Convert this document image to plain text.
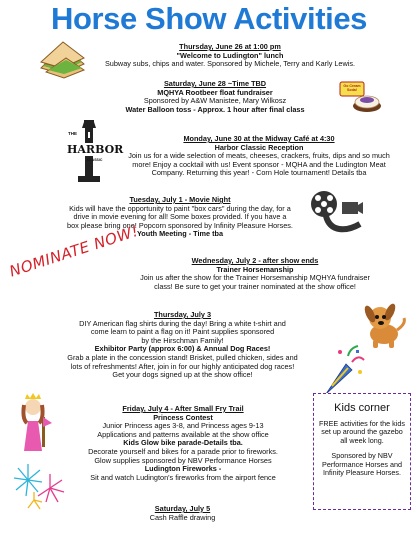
Horse Show Activities
Thursday, June 26 at 1:00 pm
"Welcome to Ludington" lunch
Subway subs, chips and water. Sponsored by Michele, Terry and Karly Lewis.
Saturday, June 28 ~Time TBD
MQHYA Rootbeer float fundraiser
Sponsored by A&W Manistee, Mary Wilkosz
Water Balloon toss - Approx. 1 hour after final class
Monday, June 30 at the Midway Café at 4:30
Harbor Classic Reception
Join us for a wide selection of meats, cheeses, crackers, fruits, dips and so much
more! Enjoy a cocktail with us! Event sponsor - MQHA and the Ludington Meat
Company. Returning this year! - Corn Hole tournament! Details tba
Tuesday, July 1 - Movie Night
Kids will have the opportunity to paint "box cars" during the day, for a
drive in movie evening for all! Some boxes provided. If you have a
box please bring one! Popcorn sponsored by Infinity Pleasure Horses.
Youth Meeting - Time tba
Wednesday, July 2 - after show ends
Trainer Horsemanship
Join us after the show for the Trainer Horsemanship MQHYA fundraiser
class! Be sure to get your trainer nominated at the show office!
Thursday, July 3
DIY American flag shirts during the day! Bring a white t-shirt and
come learn to paint a flag on it! Paint supplies sponsored
by the Hirschman Family!
Exhibitor Party (approx 6:00) & Annual Dog Races!
Grab a plate in the concession stand! Brisket, pulled chicken, sides and
lots of refreshments! After, join in for our highly anticipated dog races!
Get your dogs signed up at the show office!
Friday, July 4 - After Small Fry Trail
Princess Contest
Junior Princess ages 3-8, and Princess ages 9-13
Applications and patterns available at the show office
Kids Glow bike parade-Details tba.
Decorate yourself and bikes for a parade prior to fireworks.
Glow supplies sponsored by NBV Performance Horses
Ludington Fireworks -
Sit and watch Ludington's fireworks from the airport fence
Saturday, July 5
Cash Raffle drawing
Go Cream Soda!
THE
HARBOR
CLASSIC
NOMINATE NOW!
Kids corner
FREE activities for the kids set up around the gazebo all week long.
Sponsored by NBV Performance Horses and Infinity Pleasure Horses.
